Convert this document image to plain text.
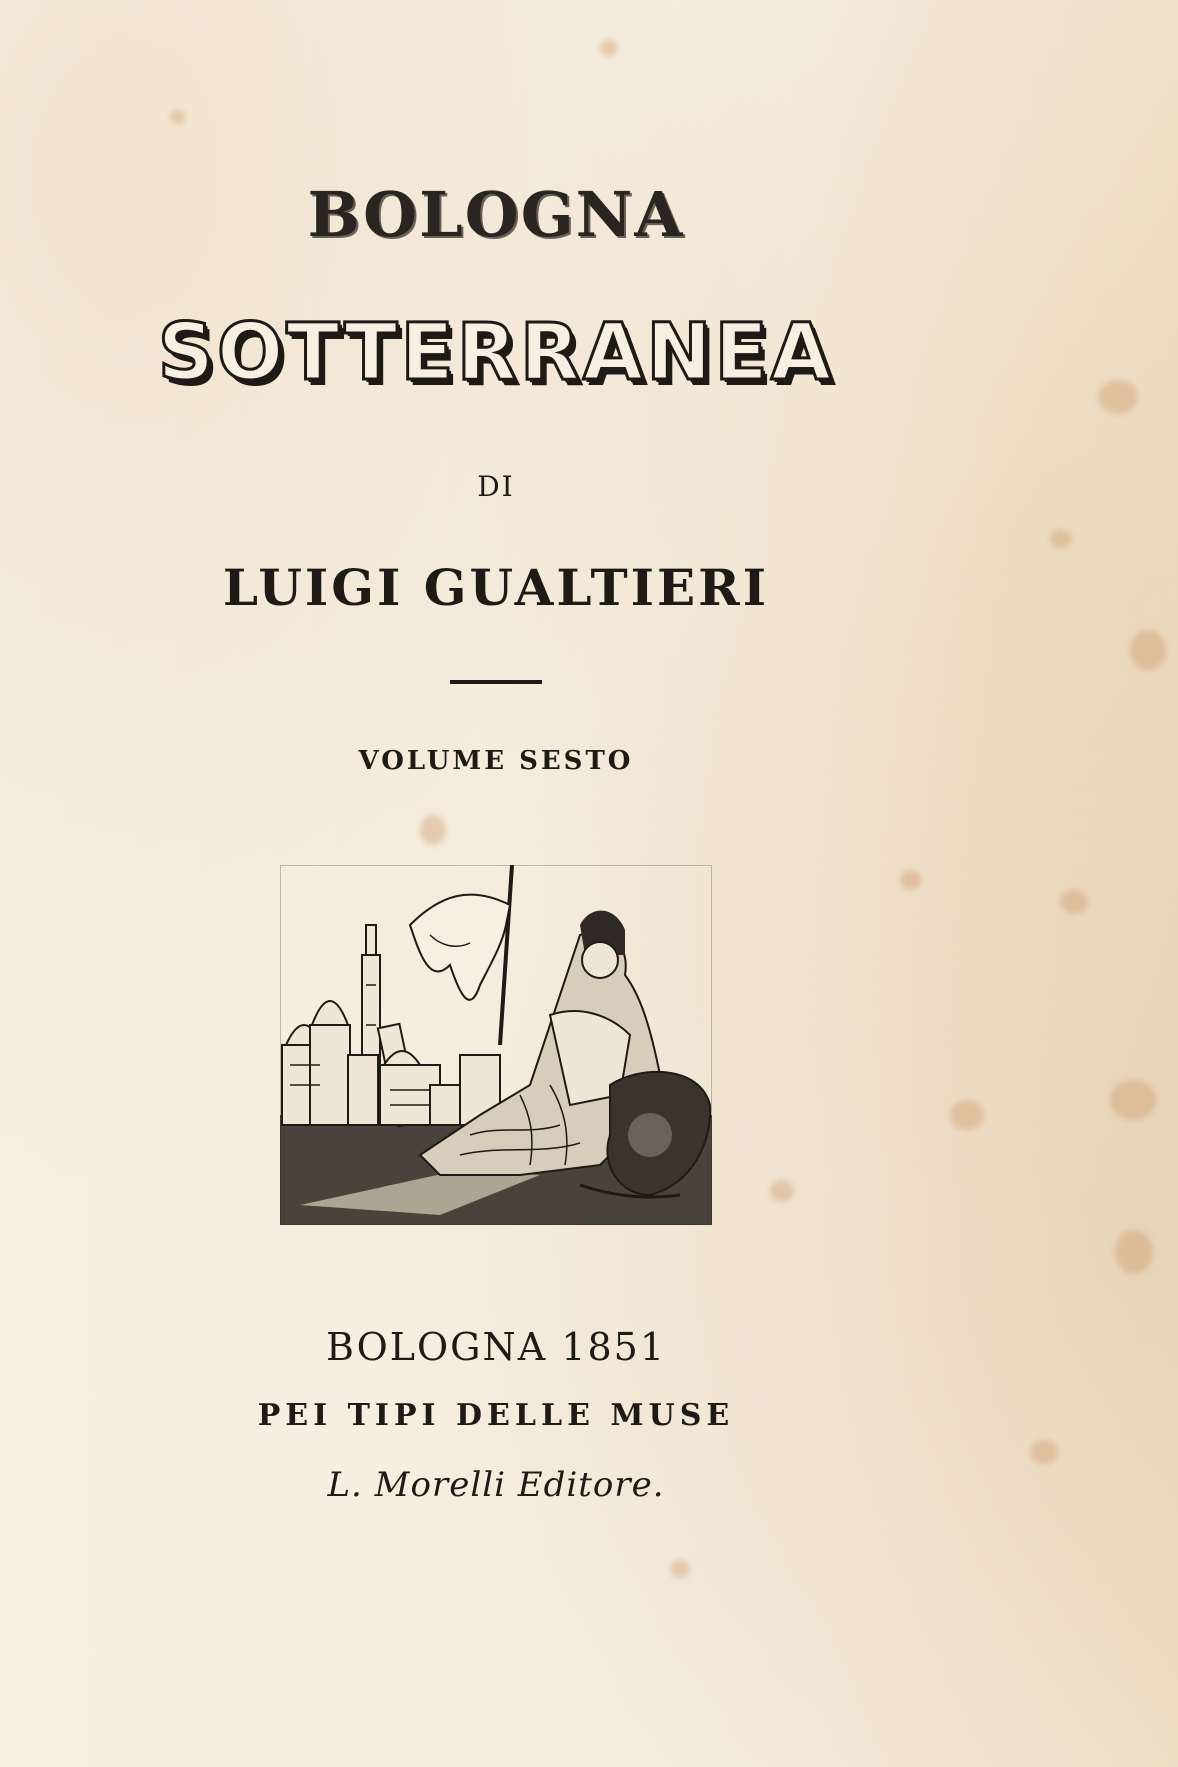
BOLOGNA
SOTTERRANEA
DI
LUIGI GUALTIERI
VOLUME SESTO
BOLOGNA 1851
PEI TIPI DELLE MUSE
L. Morelli Editore.
